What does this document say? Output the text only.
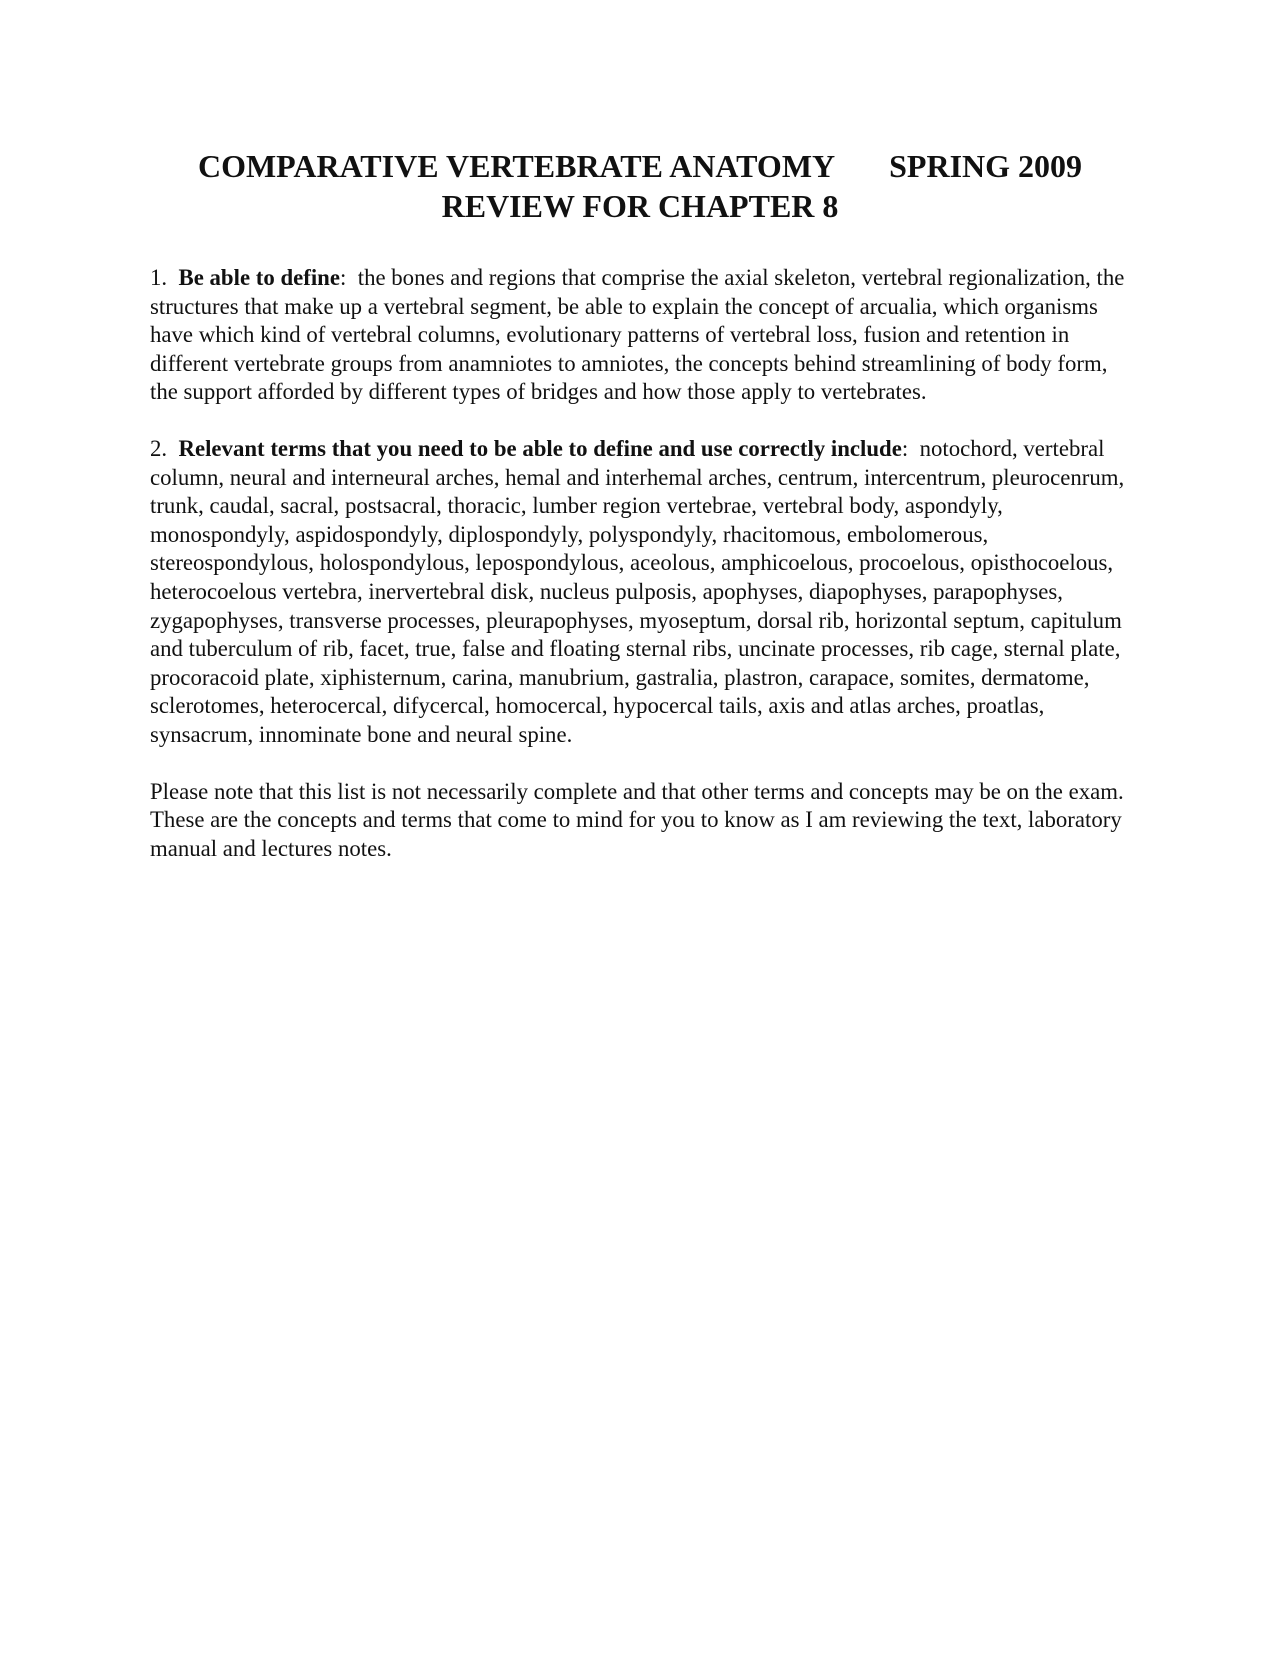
COMPARATIVE VERTEBRATE ANATOMY SPRING 2009
REVIEW FOR CHAPTER 8

1. Be able to define: the bones and regions that comprise the axial skeleton, vertebral regionalization, the structures that make up a vertebral segment, be able to explain the concept of arcualia, which organisms have which kind of vertebral columns, evolutionary patterns of vertebral loss, fusion and retention in different vertebrate groups from anamniotes to amniotes, the concepts behind streamlining of body form, the support afforded by different types of bridges and how those apply to vertebrates.

2. Relevant terms that you need to be able to define and use correctly include: notochord, vertebral column, neural and interneural arches, hemal and interhemal arches, centrum, intercentrum, pleurocenrum, trunk, caudal, sacral, postsacral, thoracic, lumber region vertebrae, vertebral body, aspondyly, monospondyly, aspidospondyly, diplospondyly, polyspondyly, rhacitomous, embolomerous, stereospondylous, holospondylous, lepospondylous, aceolous, amphicoelous, procoelous, opisthocoelous, heterocoelous vertebra, inervertebral disk, nucleus pulposis, apophyses, diapophyses, parapophyses, zygapophyses, transverse processes, pleurapophyses, myoseptum, dorsal rib, horizontal septum, capitulum and tuberculum of rib, facet, true, false and floating sternal ribs, uncinate processes, rib cage, sternal plate, procoracoid plate, xiphisternum, carina, manubrium, gastralia, plastron, carapace, somites, dermatome, sclerotomes, heterocercal, difycercal, homocercal, hypocercal tails, axis and atlas arches, proatlas, synsacrum, innominate bone and neural spine.

Please note that this list is not necessarily complete and that other terms and concepts may be on the exam. These are the concepts and terms that come to mind for you to know as I am reviewing the text, laboratory manual and lectures notes.
